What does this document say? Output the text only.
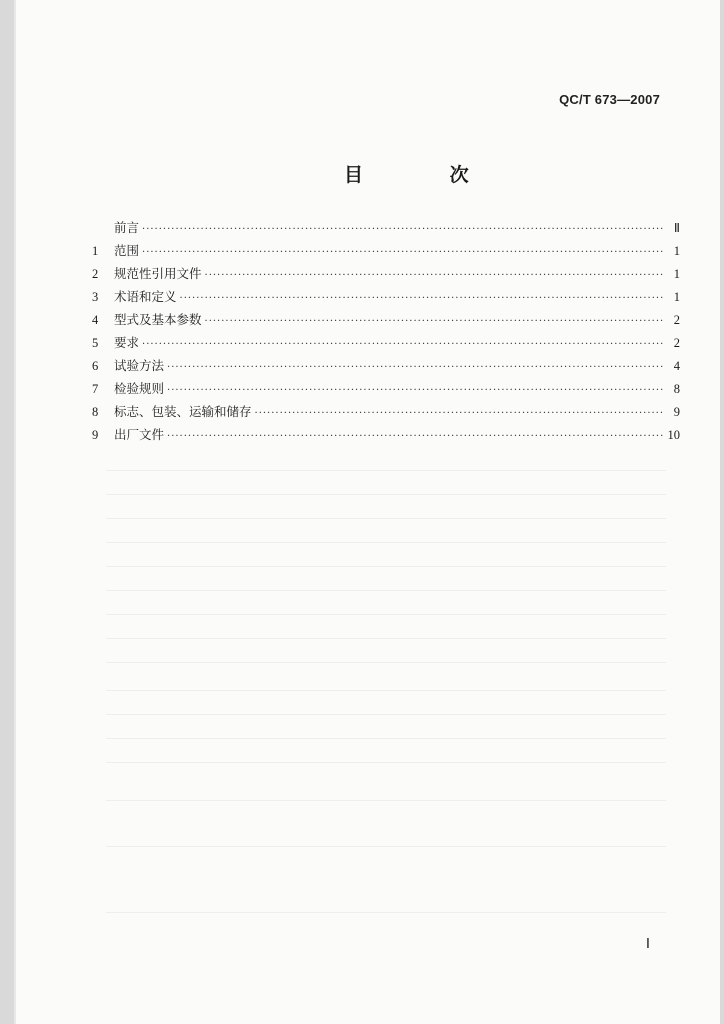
QC/T 673—2007
目 次
前言 ·····	Ⅱ
1	范围 ·····	1
2	规范性引用文件 ·····	1
3	术语和定义 ·····	1
4	型式及基本参数 ·····	2
5	要求 ·····	2
6	试验方法 ·····	4
7	检验规则 ·····	8
8	标志、包装、运输和储存 ·····	9
9	出厂文件 ·····	10
Ⅰ
